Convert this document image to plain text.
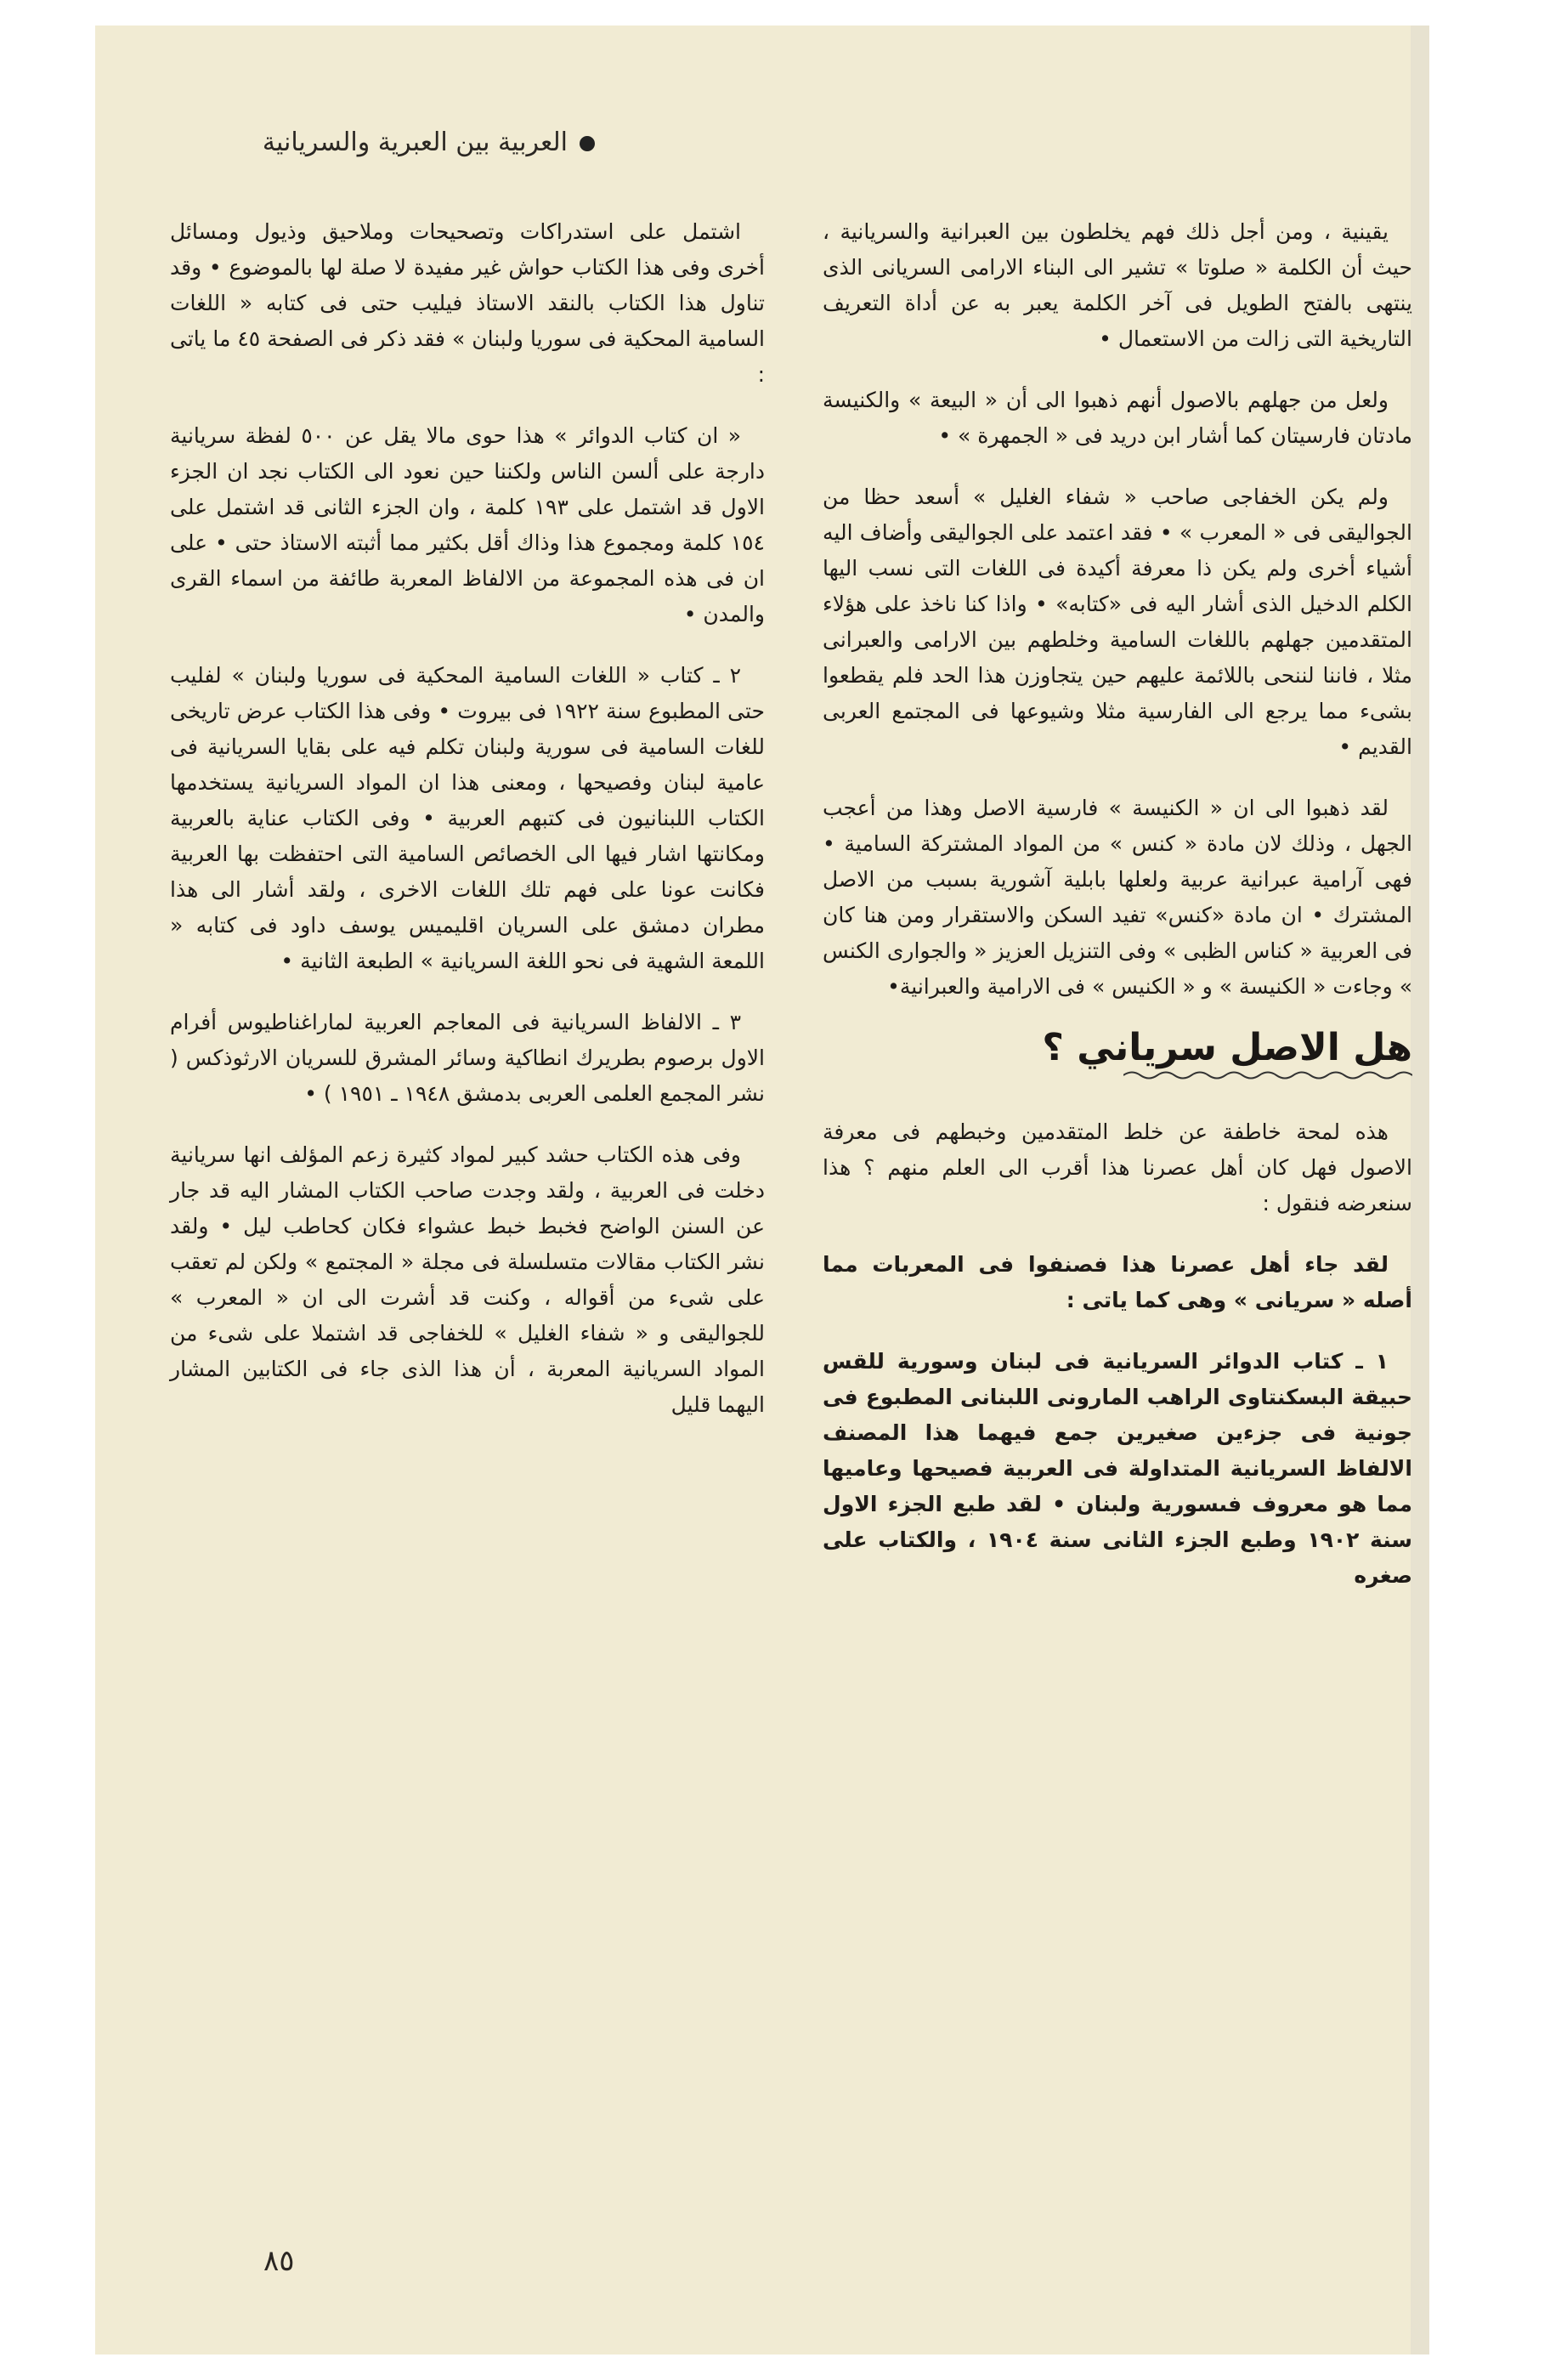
العربية بين العبرية والسريانية

يقينية ، ومن أجل ذلك فهم يخلطون بين العبرانية والسريانية ، حيث أن الكلمة « صلوتا » تشير الى البناء الارامى السريانى الذى ينتهى بالفتح الطويل فى آخر الكلمة يعبر به عن أداة التعريف التاريخية التى زالت من الاستعمال •

ولعل من جهلهم بالاصول أنهم ذهبوا الى أن « البيعة » والكنيسة مادتان فارسيتان كما أشار ابن دريد فى « الجمهرة » •

ولم يكن الخفاجى صاحب « شفاء الغليل » أسعد حظا من الجواليقى فى « المعرب » • فقد اعتمد على الجواليقى وأضاف اليه أشياء أخرى ولم يكن ذا معرفة أكيدة فى اللغات التى نسب اليها الكلم الدخيل الذى أشار اليه فى «كتابه» • واذا كنا ناخذ على هؤلاء المتقدمين جهلهم باللغات السامية وخلطهم بين الارامى والعبرانى مثلا ، فاننا لننحى باللائمة عليهم حين يتجاوزن هذا الحد فلم يقطعوا بشىء مما يرجع الى الفارسية مثلا وشيوعها فى المجتمع العربى القديم •

لقد ذهبوا الى ان « الكنيسة » فارسية الاصل وهذا من أعجب الجهل ، وذلك لان مادة « كنس » من المواد المشتركة السامية • فهى آرامية عبرانية عربية ولعلها بابلية آشورية بسبب من الاصل المشترك • ان مادة «كنس» تفيد السكن والاستقرار ومن هنا كان فى العربية « كناس الظبى » وفى التنزيل العزيز « والجوارى الكنس » وجاءت « الكنيسة » و « الكنيس » فى الارامية والعبرانية•

هل الاصل سرياني ؟

هذه لمحة خاطفة عن خلط المتقدمين وخبطهم فى معرفة الاصول فهل كان أهل عصرنا هذا أقرب الى العلم منهم ؟ هذا سنعرضه فنقول :

لقد جاء أهل عصرنا هذا فصنفوا فى المعربات مما أصله « سريانى » وهى كما ياتى :

١ ـ كتاب الدوائر السريانية فى لبنان وسورية للقس حبيقة البسكنتاوى الراهب المارونى اللبنانى المطبوع فى جونية فى جزءين صغيرين جمع فيهما هذا المصنف الالفاظ السريانية المتداولة فى العربية فصيحها وعاميها مما هو معروف فىسورية ولبنان • لقد طبع الجزء الاول سنة ١٩٠٢ وطبع الجزء الثانى سنة ١٩٠٤ ، والكتاب على صغره

اشتمل على استدراكات وتصحيحات وملاحيق وذيول ومسائل أخرى وفى هذا الكتاب حواش غير مفيدة لا صلة لها بالموضوع • وقد تناول هذا الكتاب بالنقد الاستاذ فيليب حتى فى كتابه « اللغات السامية المحكية فى سوريا ولبنان » فقد ذكر فى الصفحة ٤٥ ما ياتى :

« ان كتاب الدوائر » هذا حوى مالا يقل عن ٥٠٠ لفظة سريانية دارجة على ألسن الناس ولكننا حين نعود الى الكتاب نجد ان الجزء الاول قد اشتمل على ١٩٣ كلمة ، وان الجزء الثانى قد اشتمل على ١٥٤ كلمة ومجموع هذا وذاك أقل بكثير مما أثبته الاستاذ حتى • على ان فى هذه المجموعة من الالفاظ المعربة طائفة من اسماء القرى والمدن •

٢ ـ كتاب « اللغات السامية المحكية فى سوريا ولبنان » لفليب حتى المطبوع سنة ١٩٢٢ فى بيروت • وفى هذا الكتاب عرض تاريخى للغات السامية فى سورية ولبنان تكلم فيه على بقايا السريانية فى عامية لبنان وفصيحها ، ومعنى هذا ان المواد السريانية يستخدمها الكتاب اللبنانيون فى كتبهم العربية • وفى الكتاب عناية بالعربية ومكانتها اشار فيها الى الخصائص السامية التى احتفظت بها العربية فكانت عونا على فهم تلك اللغات الاخرى ، ولقد أشار الى هذا مطران دمشق على السريان اقليميس يوسف داود فى كتابه « اللمعة الشهية فى نحو اللغة السريانية » الطبعة الثانية •

٣ ـ الالفاظ السريانية فى المعاجم العربية لماراغناطيوس أفرام الاول برصوم بطريرك انطاكية وسائر المشرق للسريان الارثوذكس ( نشر المجمع العلمى العربى بدمشق ١٩٤٨ ـ ١٩٥١ ) •

وفى هذه الكتاب حشد كبير لمواد كثيرة زعم المؤلف انها سريانية دخلت فى العربية ، ولقد وجدت صاحب الكتاب المشار اليه قد جار عن السنن الواضح فخبط خبط عشواء فكان كحاطب ليل • ولقد نشر الكتاب مقالات متسلسلة فى مجلة « المجتمع » ولكن لم تعقب على شىء من أقواله ، وكنت قد أشرت الى ان « المعرب » للجواليقى و « شفاء الغليل » للخفاجى قد اشتملا على شىء من المواد السريانية المعربة ، أن هذا الذى جاء فى الكتابين المشار اليهما قليل

٨٥
